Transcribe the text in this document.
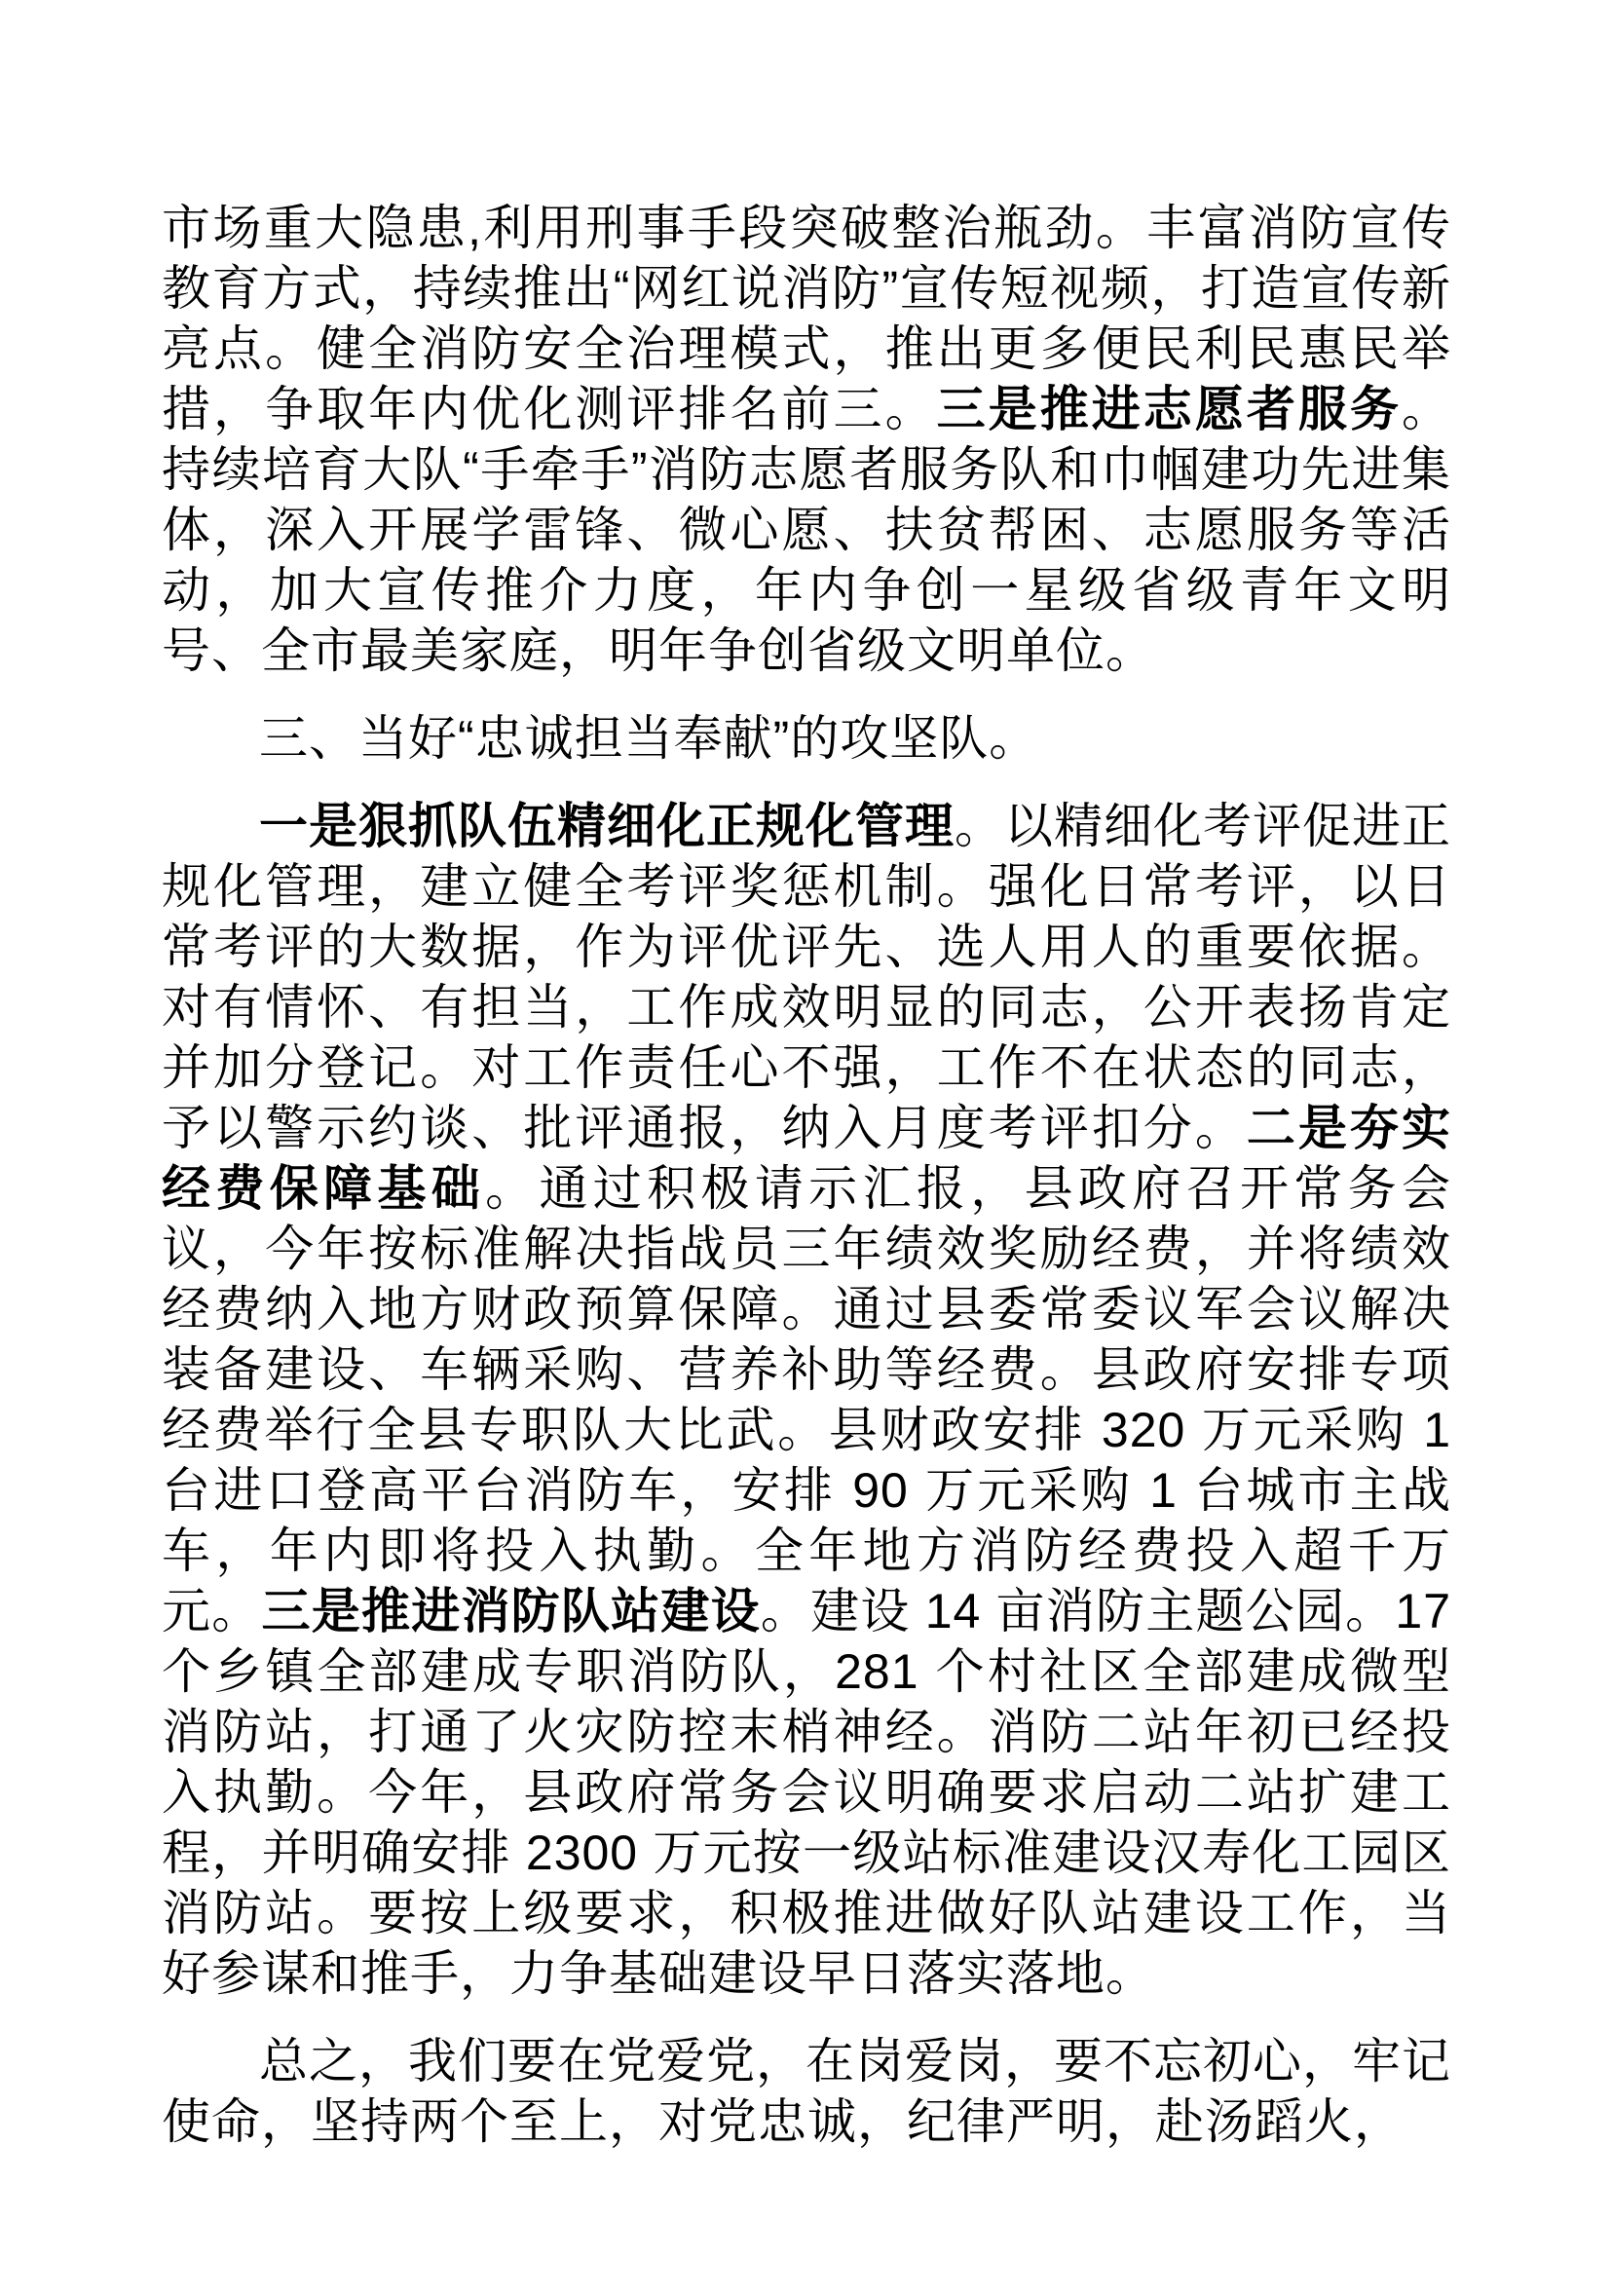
市场重大隐患,利用刑事手段突破整治瓶劲。丰富消防宣传教育方式，持续推出“网红说消防”宣传短视频，打造宣传新亮点。健全消防安全治理模式，推出更多便民利民惠民举措，争取年内优化测评排名前三。三是推进志愿者服务。持续培育大队“手牵手”消防志愿者服务队和巾帼建功先进集体，深入开展学雷锋、微心愿、扶贫帮困、志愿服务等活动，加大宣传推介力度，年内争创一星级省级青年文明号、全市最美家庭，明年争创省级文明单位。

三、当好“忠诚担当奉献”的攻坚队。

一是狠抓队伍精细化正规化管理。以精细化考评促进正规化管理，建立健全考评奖惩机制。强化日常考评，以日常考评的大数据，作为评优评先、选人用人的重要依据。对有情怀、有担当，工作成效明显的同志，公开表扬肯定并加分登记。对工作责任心不强，工作不在状态的同志，予以警示约谈、批评通报，纳入月度考评扣分。二是夯实经费保障基础。通过积极请示汇报，县政府召开常务会议，今年按标准解决指战员三年绩效奖励经费，并将绩效经费纳入地方财政预算保障。通过县委常委议军会议解决装备建设、车辆采购、营养补助等经费。县政府安排专项经费举行全县专职队大比武。县财政安排 320 万元采购 1 台进口登高平台消防车，安排 90 万元采购 1 台城市主战车，年内即将投入执勤。全年地方消防经费投入超千万元。三是推进消防队站建设。建设 14 亩消防主题公园。17 个乡镇全部建成专职消防队，281 个村社区全部建成微型消防站，打通了火灾防控末梢神经。消防二站年初已经投入执勤。今年，县政府常务会议明确要求启动二站扩建工程，并明确安排 2300 万元按一级站标准建设汉寿化工园区消防站。要按上级要求，积极推进做好队站建设工作，当好参谋和推手，力争基础建设早日落实落地。

总之，我们要在党爱党，在岗爱岗，要不忘初心，牢记使命，坚持两个至上，对党忠诚，纪律严明，赴汤蹈火，
